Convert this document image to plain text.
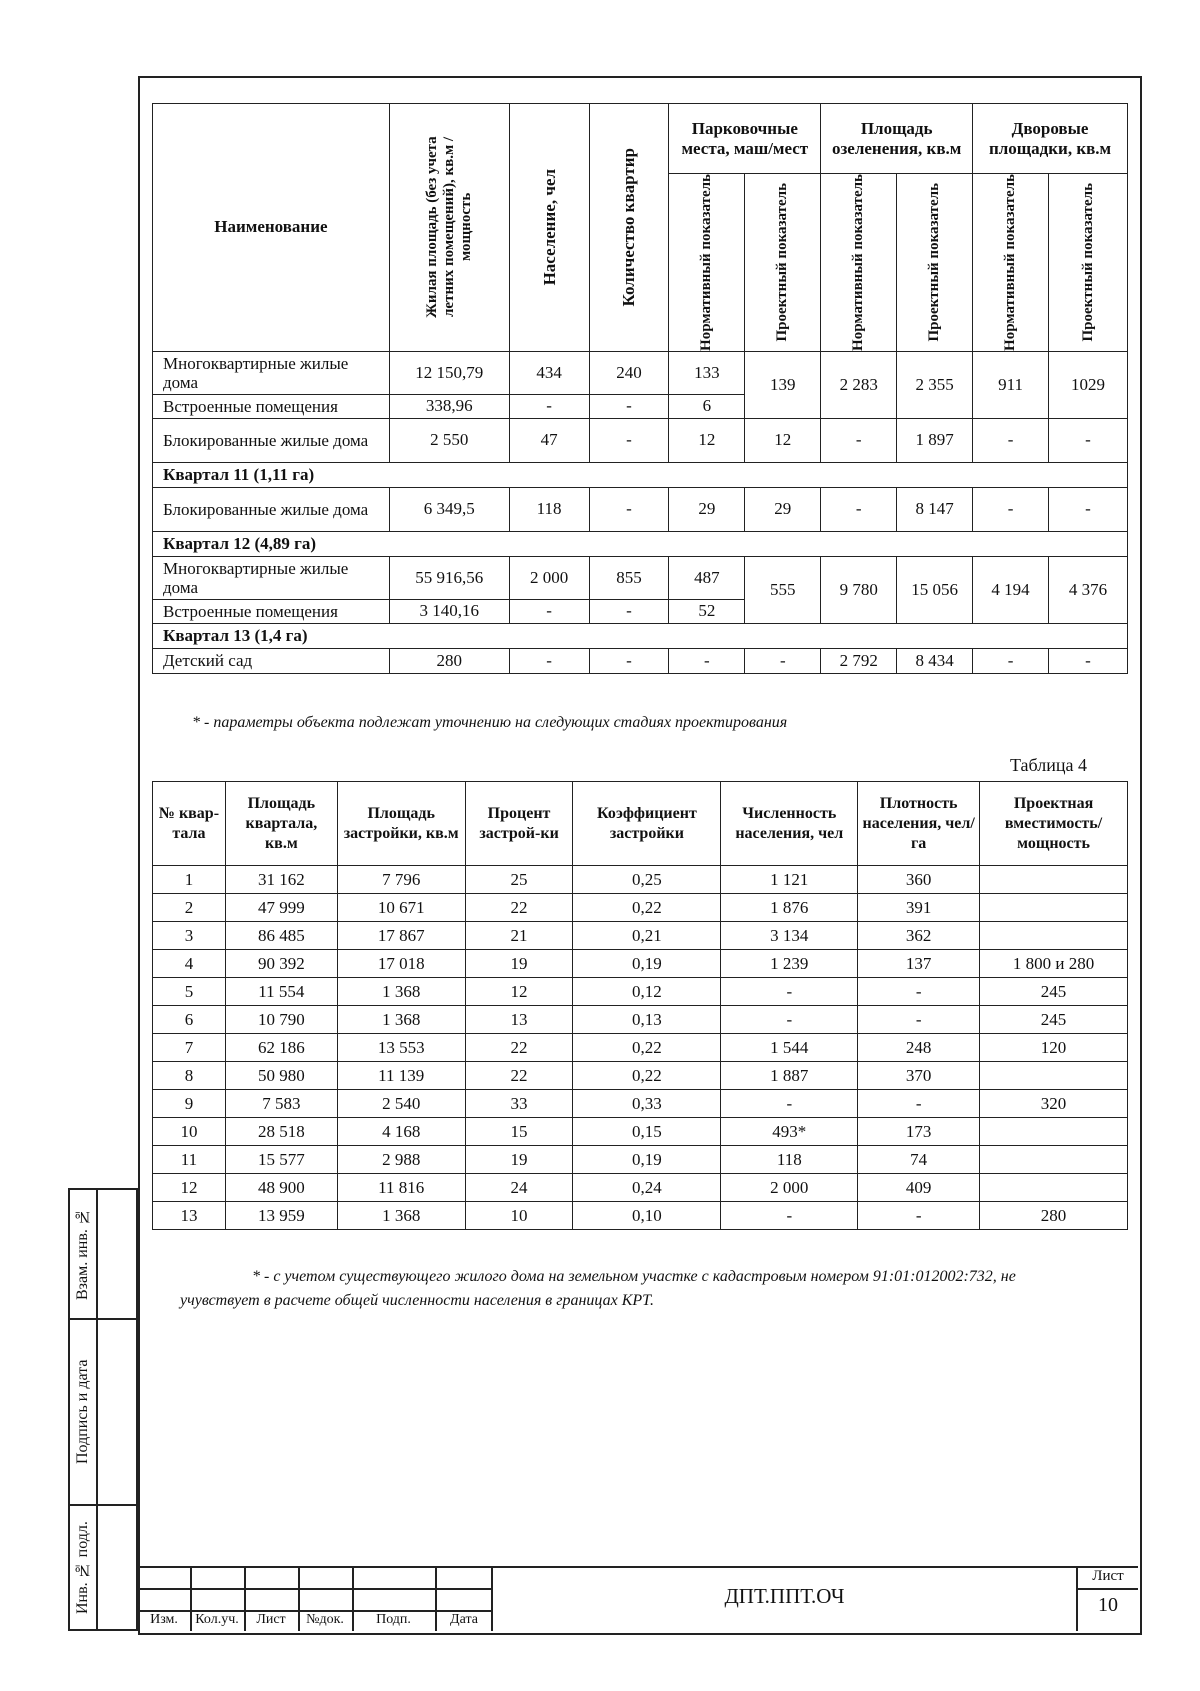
Наименование	Жилая площадь (без учета летних помещений), кв.м / мощность	Население, чел	Количество квартир	Парковочные места, маш/мест		Площадь озеленения, кв.м		Дворовые площадки, кв.м	

				Нормативный показатель	Проектный показатель	Нормативный показатель	Проектный показатель	Нормативный показатель	Проектный показатель

Многоквартирные жилые дома	12 150,79	434	240	133	139	2 283	2 355	911	1029
Встроенные помещения	338,96	-	-	6					
Блокированные жилые дома	2 550	47	-	12	12	-	1 897	-	-
Квартал 11 (1,11 га)									
Блокированные жилые дома	6 349,5	118	-	29	29	-	8 147	-	-
Квартал 12 (4,89 га)									
Многоквартирные жилые дома	55 916,56	2 000	855	487	555	9 780	15 056	4 194	4 376
Встроенные помещения	3 140,16	-	-	52					
Квартал 13 (1,4 га)									
Детский сад	280	-	-	-	-	2 792	8 434	-	-
* - параметры объекта подлежат уточнению на следующих стадиях проектирования
Таблица 4
№ квар-тала	Площадь квартала, кв.м	Площадь застройки, кв.м	Процент застрой-ки	Коэффициент застройки	Численность населения, чел	Плотность населения, чел/га	Проектная вместимость/ мощность
1	31 162	7 796	25	0,25	1 121	360	
2	47 999	10 671	22	0,22	1 876	391	
3	86 485	17 867	21	0,21	3 134	362	
4	90 392	17 018	19	0,19	1 239	137	1 800 и 280
5	11 554	1 368	12	0,12	-	-	245
6	10 790	1 368	13	0,13	-	-	245
7	62 186	13 553	22	0,22	1 544	248	120
8	50 980	11 139	22	0,22	1 887	370	
9	7 583	2 540	33	0,33	-	-	320
10	28 518	4 168	15	0,15	493*	173	
11	15 577	2 988	19	0,19	118	74	
12	48 900	11 816	24	0,24	2 000	409	
13	13 959	1 368	10	0,10	-	-	280
* - с учетом существующего жилого дома на земельном участке с кадастровым номером 91:01:012002:732, не учувствует в расчете общей численности населения в границах КРТ.
Взам. инв. №
Подпись и дата
Инв. № подл.
Изм.	Кол.уч.	Лист	№док.	Подп.	Дата
ДПТ.ППТ.ОЧ
Лист
10
